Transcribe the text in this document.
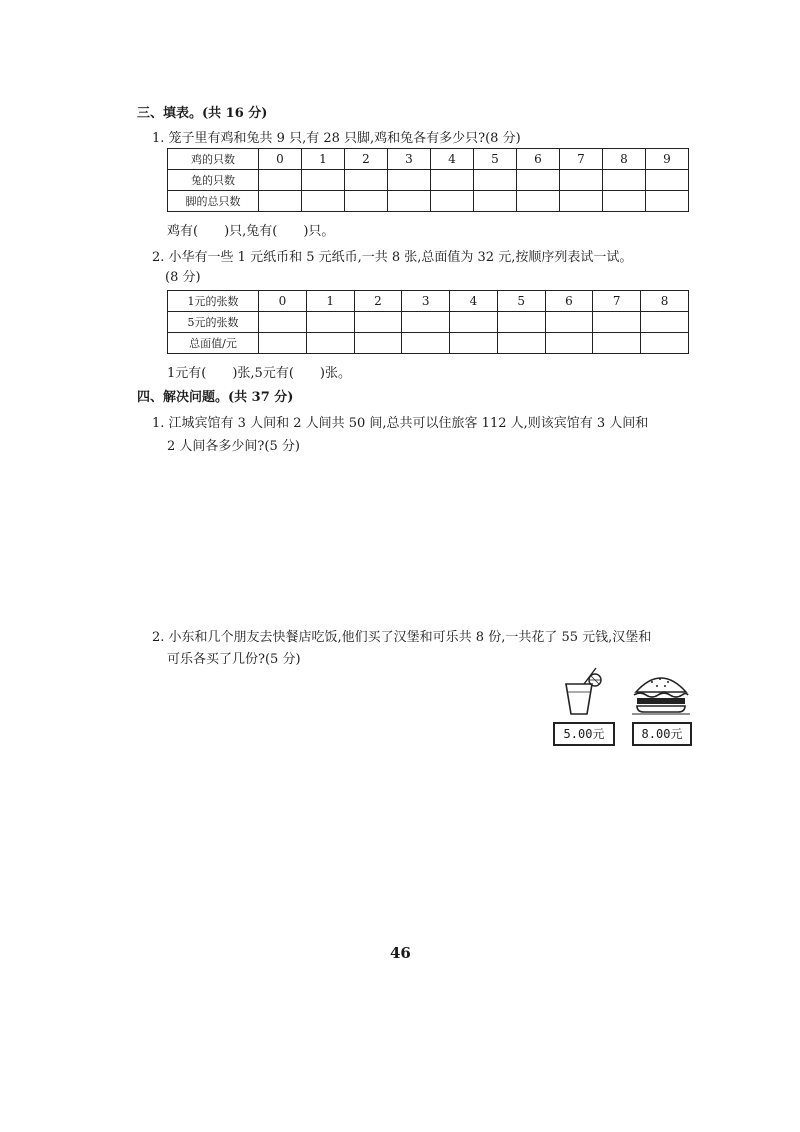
三、填表。(共 16 分)
1. 笼子里有鸡和兔共 9 只,有 28 只脚,鸡和兔各有多少只?(8 分)
鸡的只数	0	1	2	3	4	5	6	7	8	9
兔的只数										
脚的总只数										
鸡有(　　)只,兔有(　　)只。
2. 小华有一些 1 元纸币和 5 元纸币,一共 8 张,总面值为 32 元,按顺序列表试一试。
(8 分)
1元的张数	0	1	2	3	4	5	6	7	8
5元的张数									
总面值/元									
1元有(　　)张,5元有(　　)张。
四、解决问题。(共 37 分)
1. 江城宾馆有 3 人间和 2 人间共 50 间,总共可以住旅客 112 人,则该宾馆有 3 人间和
2 人间各多少间?(5 分)
2. 小东和几个朋友去快餐店吃饭,他们买了汉堡和可乐共 8 份,一共花了 55 元钱,汉堡和
可乐各买了几份?(5 分)
5.00元	8.00元
46
